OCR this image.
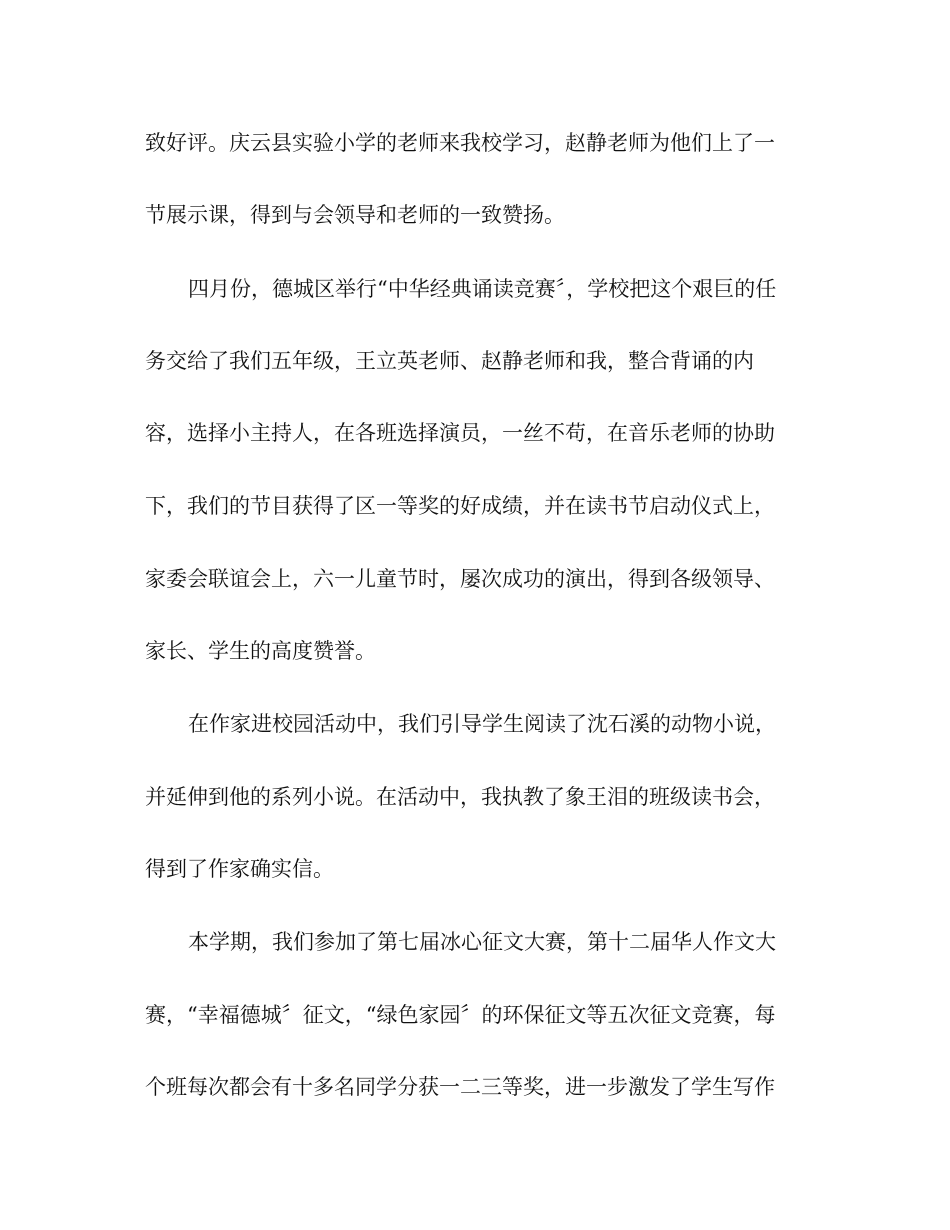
致好评。庆云县实验小学的老师来我校学习，赵静老师为他们上了一

节展示课，得到与会领导和老师的一致赞扬。

四月份，德城区举行“中华经典诵读竞赛〞，学校把这个艰巨的任

务交给了我们五年级，王立英老师、赵静老师和我，整合背诵的内

容，选择小主持人，在各班选择演员，一丝不苟，在音乐老师的协助

下，我们的节目获得了区一等奖的好成绩，并在读书节启动仪式上，

家委会联谊会上，六一儿童节时，屡次成功的演出，得到各级领导、

家长、学生的高度赞誉。

在作家进校园活动中，我们引导学生阅读了沈石溪的动物小说，

并延伸到他的系列小说。在活动中，我执教了象王泪的班级读书会，

得到了作家确实信。

本学期，我们参加了第七届冰心征文大赛，第十二届华人作文大

赛，“幸福德城〞征文，“绿色家园〞的环保征文等五次征文竞赛，每

个班每次都会有十多名同学分获一二三等奖，进一步激发了学生写作
